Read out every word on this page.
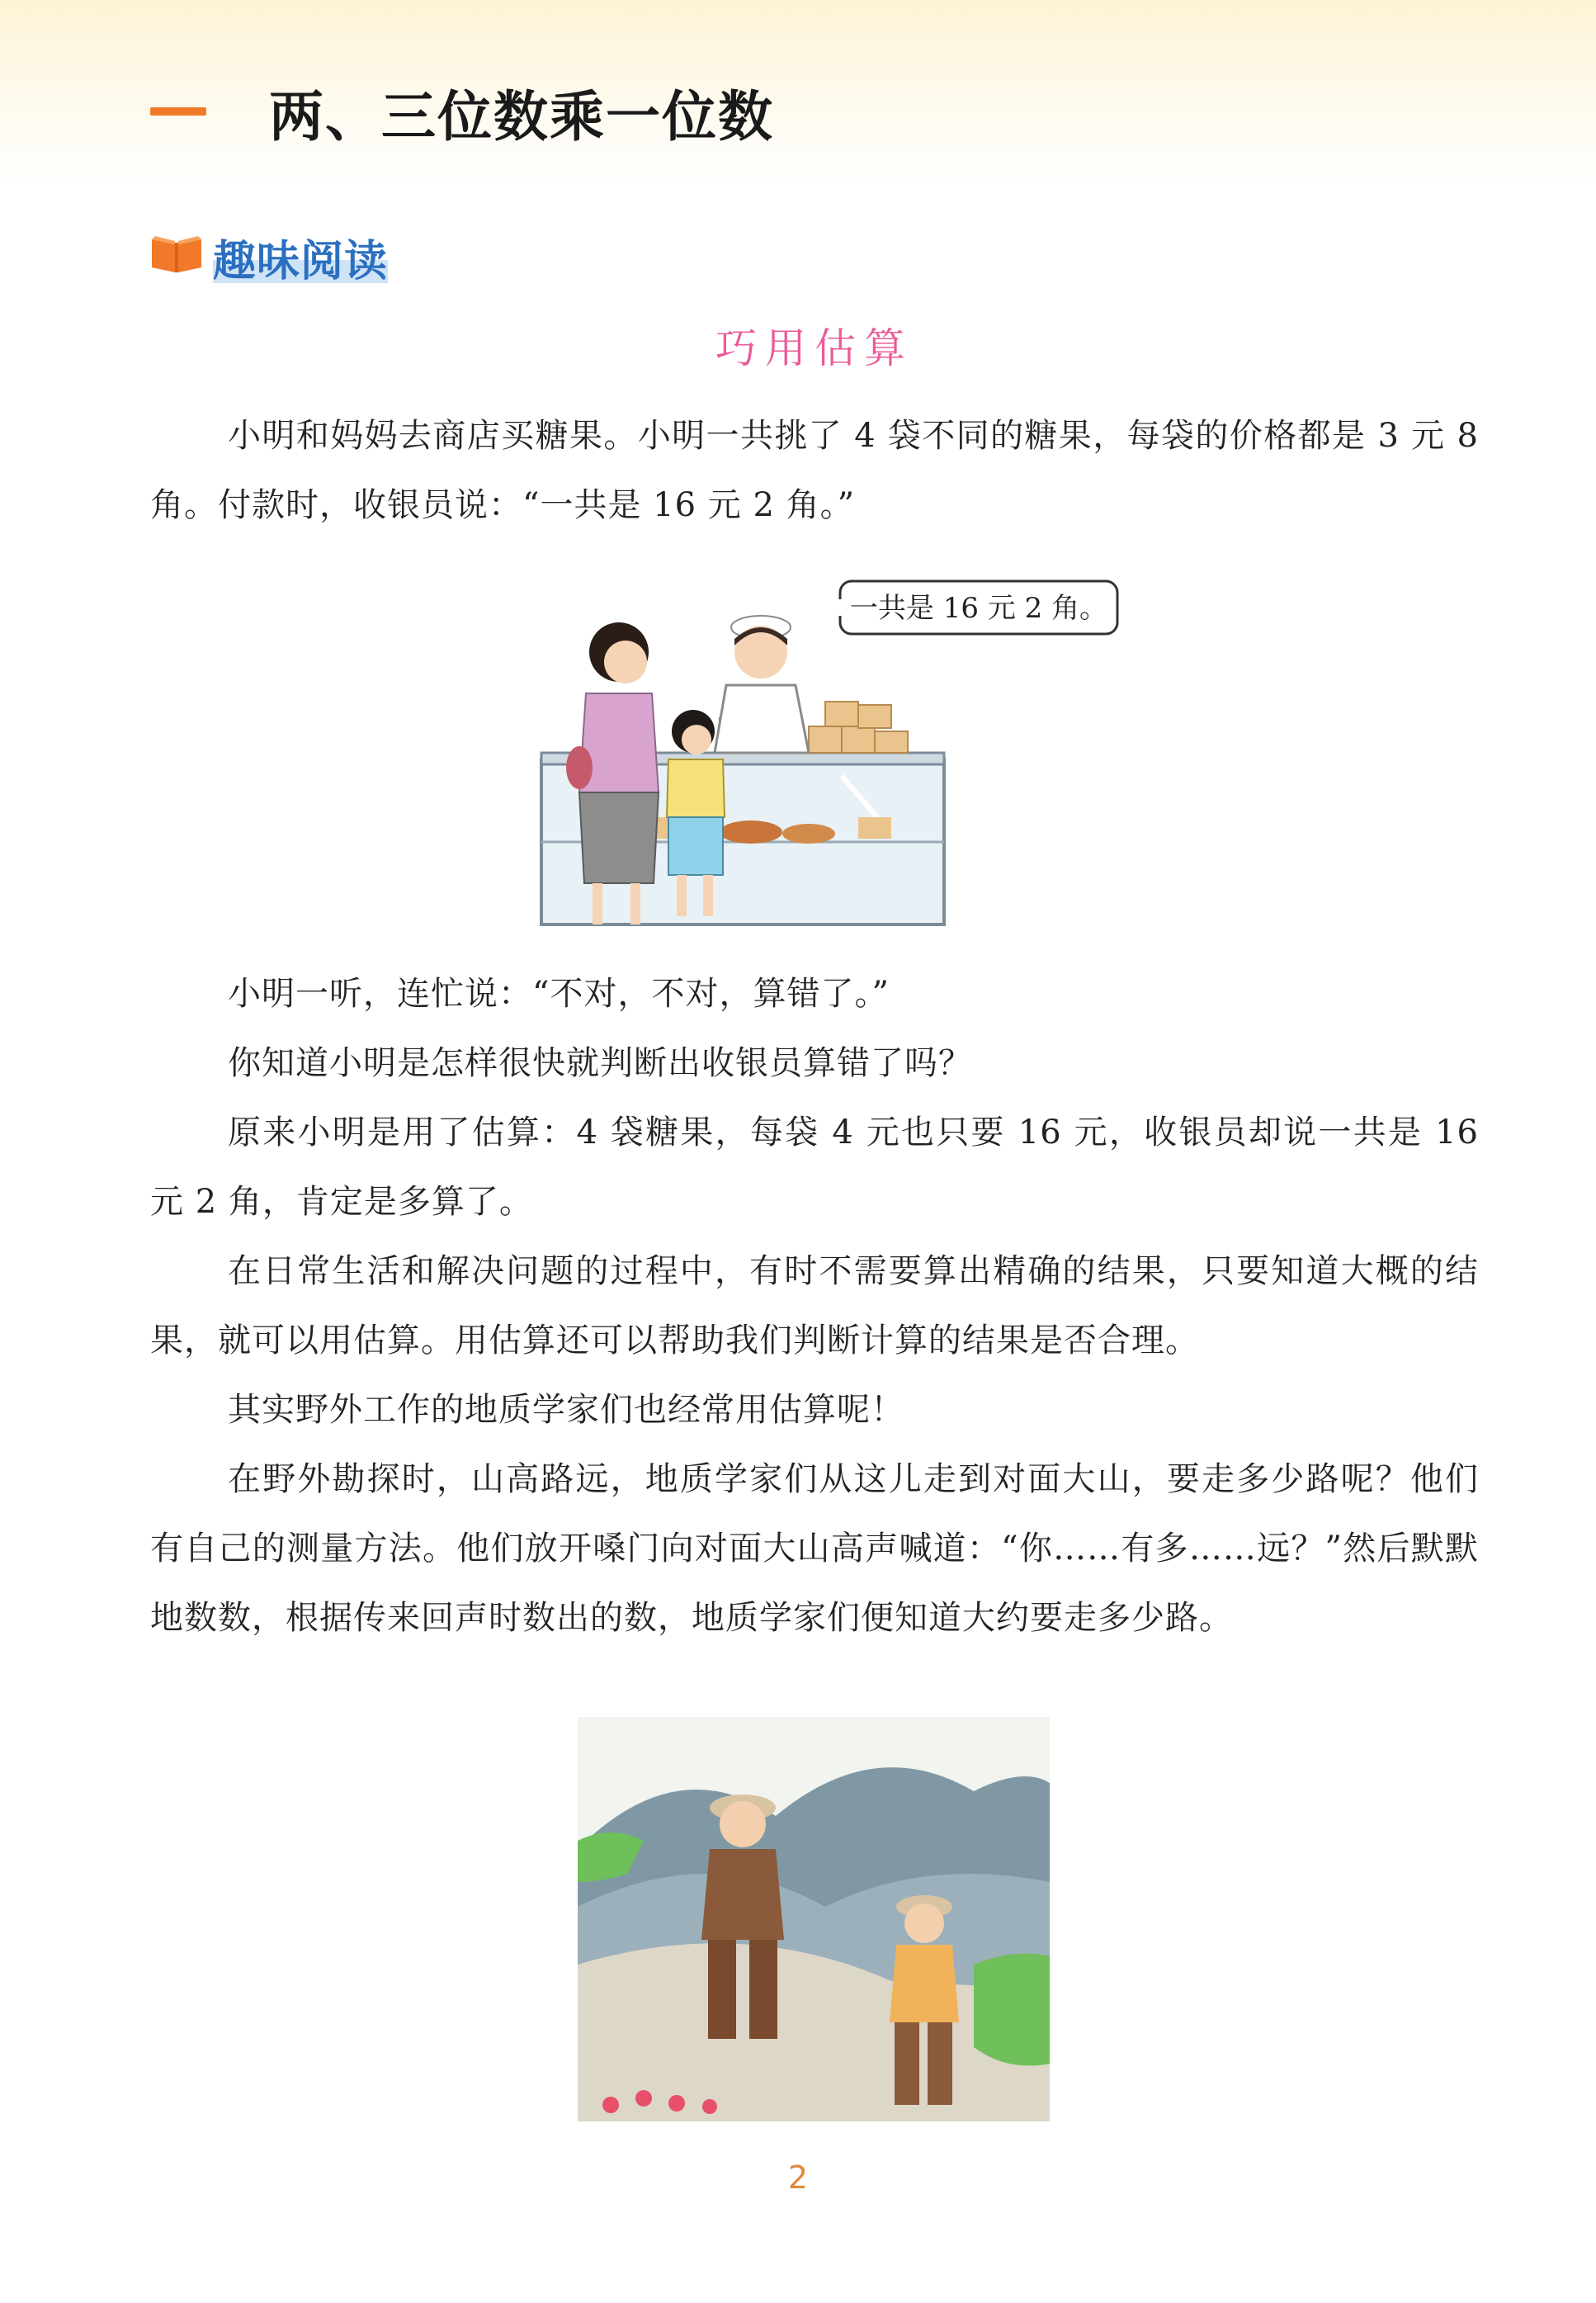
两、三位数乘一位数
趣味阅读
巧用估算

小明和妈妈去商店买糖果。小明一共挑了 4 袋不同的糖果，每袋的价格都是 3 元 8 角。付款时，收银员说：“一共是 16 元 2 角。”

一共是 16 元 2 角。

小明一听，连忙说：“不对，不对，算错了。”

你知道小明是怎样很快就判断出收银员算错了吗？

原来小明是用了估算：4 袋糖果，每袋 4 元也只要 16 元，收银员却说一共是 16 元 2 角，肯定是多算了。

在日常生活和解决问题的过程中，有时不需要算出精确的结果，只要知道大概的结果，就可以用估算。用估算还可以帮助我们判断计算的结果是否合理。

其实野外工作的地质学家们也经常用估算呢！

在野外勘探时，山高路远，地质学家们从这儿走到对面大山，要走多少路呢？他们有自己的测量方法。他们放开嗓门向对面大山高声喊道：“你……有多……远？”然后默默地数数，根据传来回声时数出的数，地质学家们便知道大约要走多少路。

2
